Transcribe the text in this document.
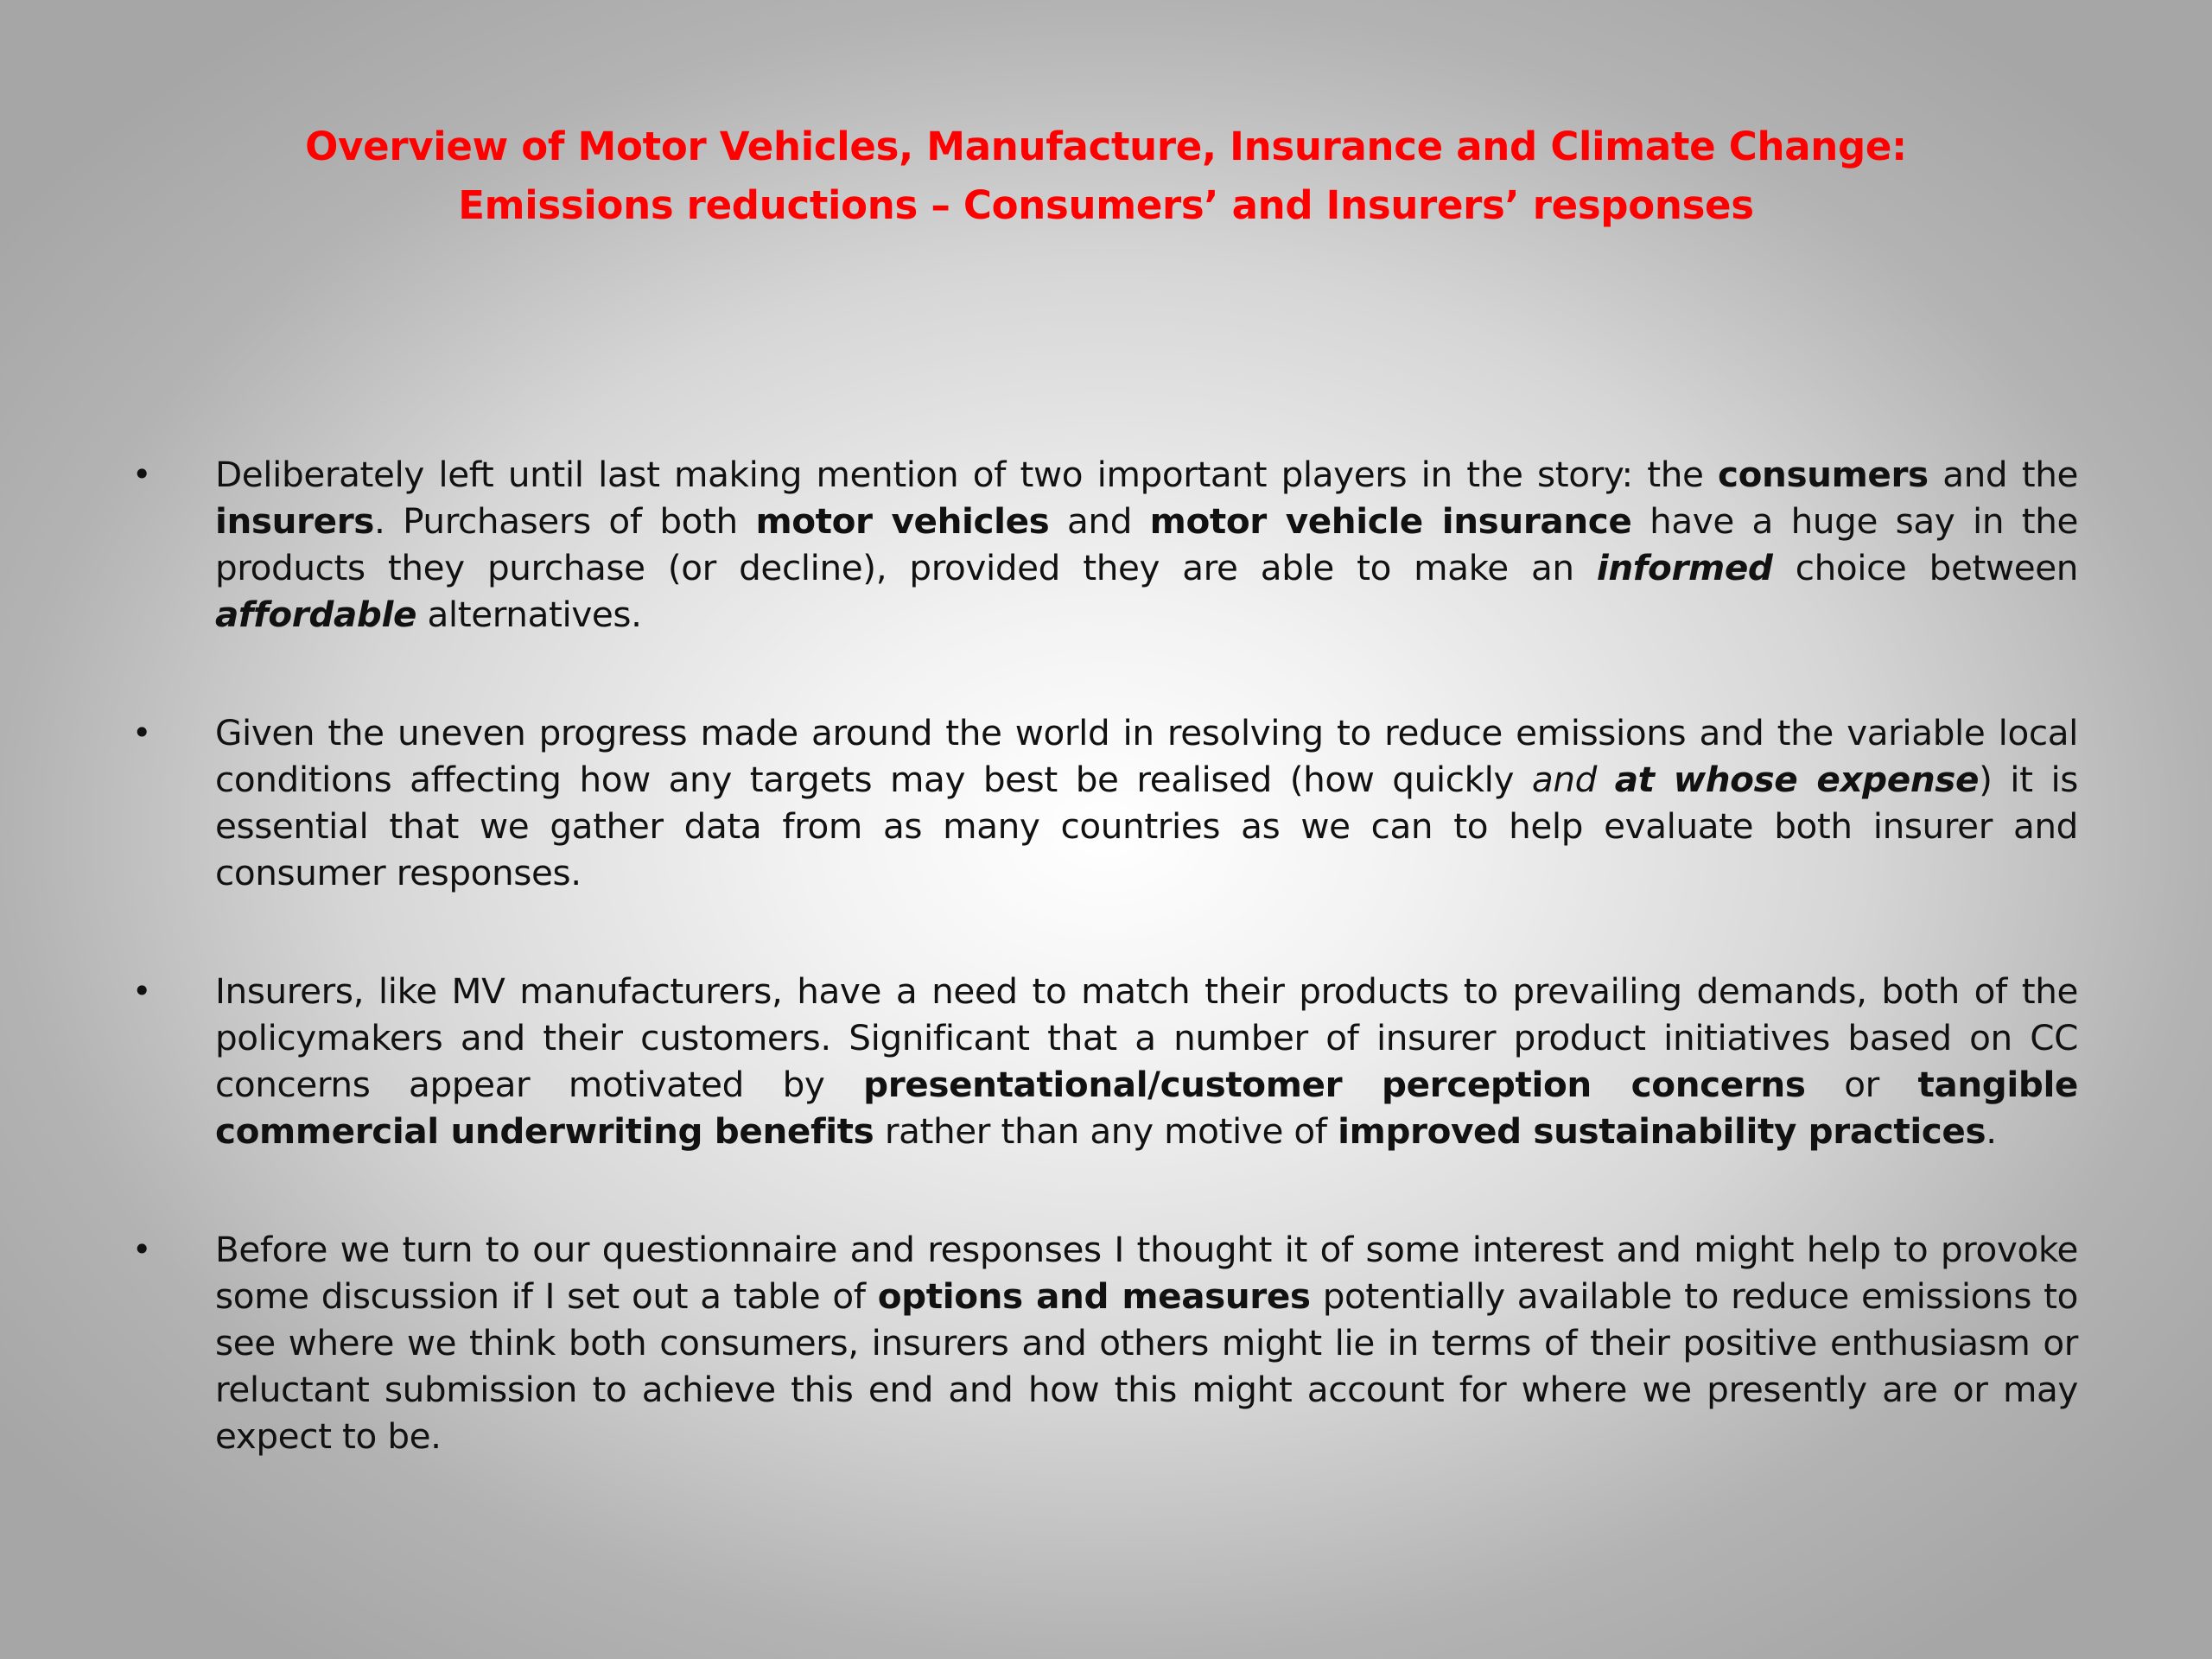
Overview of Motor Vehicles, Manufacture, Insurance and Climate Change:
Emissions reductions – Consumers’ and Insurers’ responses
• Deliberately left until last making mention of two important players in the story: the consumers and the insurers. Purchasers of both motor vehicles and motor vehicle insurance have a huge say in the products they purchase (or decline), provided they are able to make an informed choice between affordable alternatives.
• Given the uneven progress made around the world in resolving to reduce emissions and the variable local conditions affecting how any targets may best be realised (how quickly and at whose expense) it is essential that we gather data from as many countries as we can to help evaluate both insurer and consumer responses.
• Insurers, like MV manufacturers, have a need to match their products to prevailing demands, both of the policymakers and their customers. Significant that a number of insurer product initiatives based on CC concerns appear motivated by presentational/customer perception concerns or tangible commercial underwriting benefits rather than any motive of improved sustainability practices.
• Before we turn to our questionnaire and responses I thought it of some interest and might help to provoke some discussion if I set out a table of options and measures potentially available to reduce emissions to see where we think both consumers, insurers and others might lie in terms of their positive enthusiasm or reluctant submission to achieve this end and how this might account for where we presently are or may expect to be.
